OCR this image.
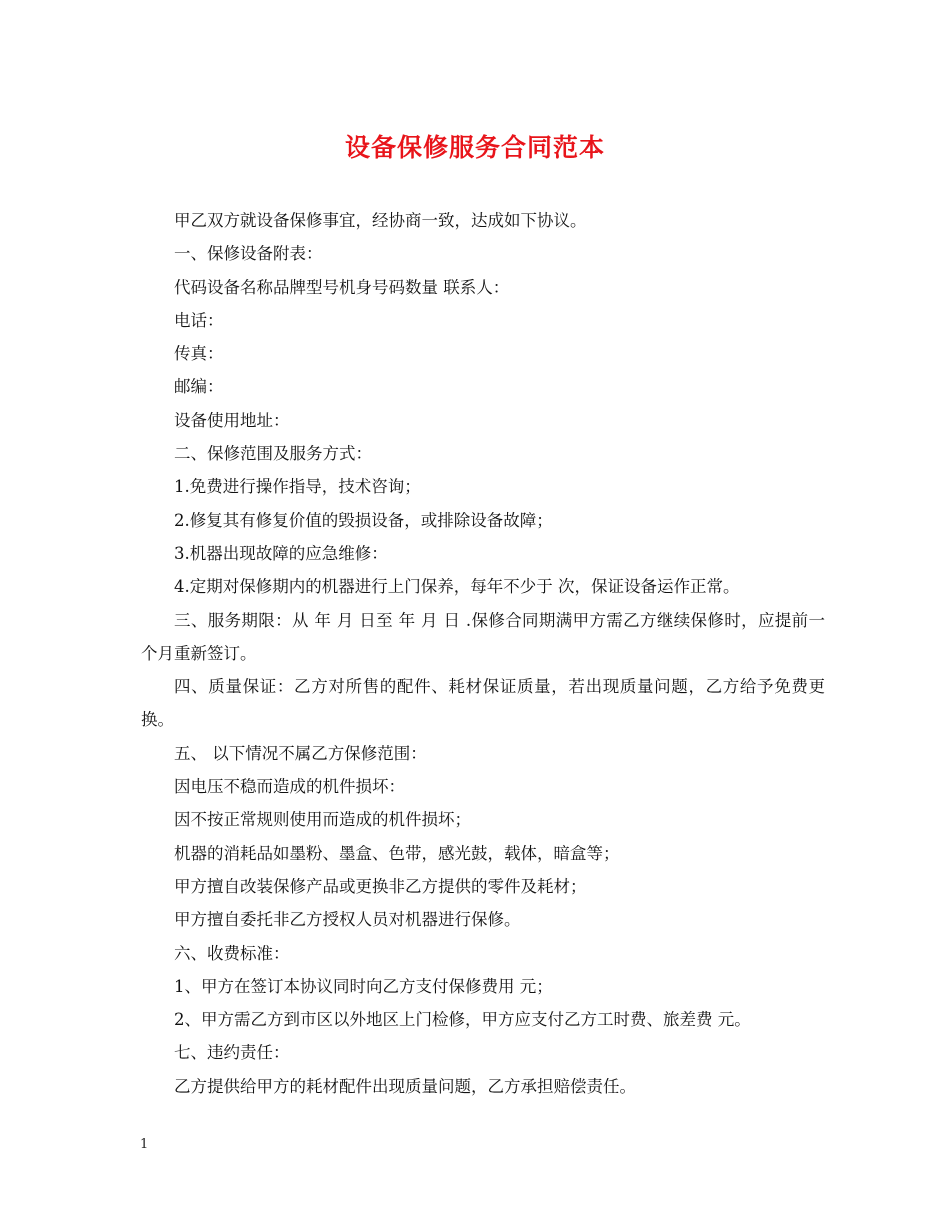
设备保修服务合同范本

甲乙双方就设备保修事宜，经协商一致，达成如下协议。

一、保修设备附表：

代码设备名称品牌型号机身号码数量 联系人：

电话：

传真：

邮编：

设备使用地址：

二、保修范围及服务方式：

1.免费进行操作指导，技术咨询；

2.修复其有修复价值的毁损设备，或排除设备故障；

3.机器出现故障的应急维修：

4.定期对保修期内的机器进行上门保养，每年不少于 次，保证设备运作正常。

三、服务期限：从 年 月 日至 年 月 日 .保修合同期满甲方需乙方继续保修时，应提前一个月重新签订。

四、质量保证：乙方对所售的配件、耗材保证质量，若出现质量问题，乙方给予免费更换。

五、 以下情况不属乙方保修范围：

因电压不稳而造成的机件损坏：

因不按正常规则使用而造成的机件损坏；

机器的消耗品如墨粉、墨盒、色带，感光鼓，载体，暗盒等；

甲方擅自改装保修产品或更换非乙方提供的零件及耗材；

甲方擅自委托非乙方授权人员对机器进行保修。

六、收费标准：

1、甲方在签订本协议同时向乙方支付保修费用 元；

2、甲方需乙方到市区以外地区上门检修，甲方应支付乙方工时费、旅差费 元。

七、违约责任：

乙方提供给甲方的耗材配件出现质量问题，乙方承担赔偿责任。

1
